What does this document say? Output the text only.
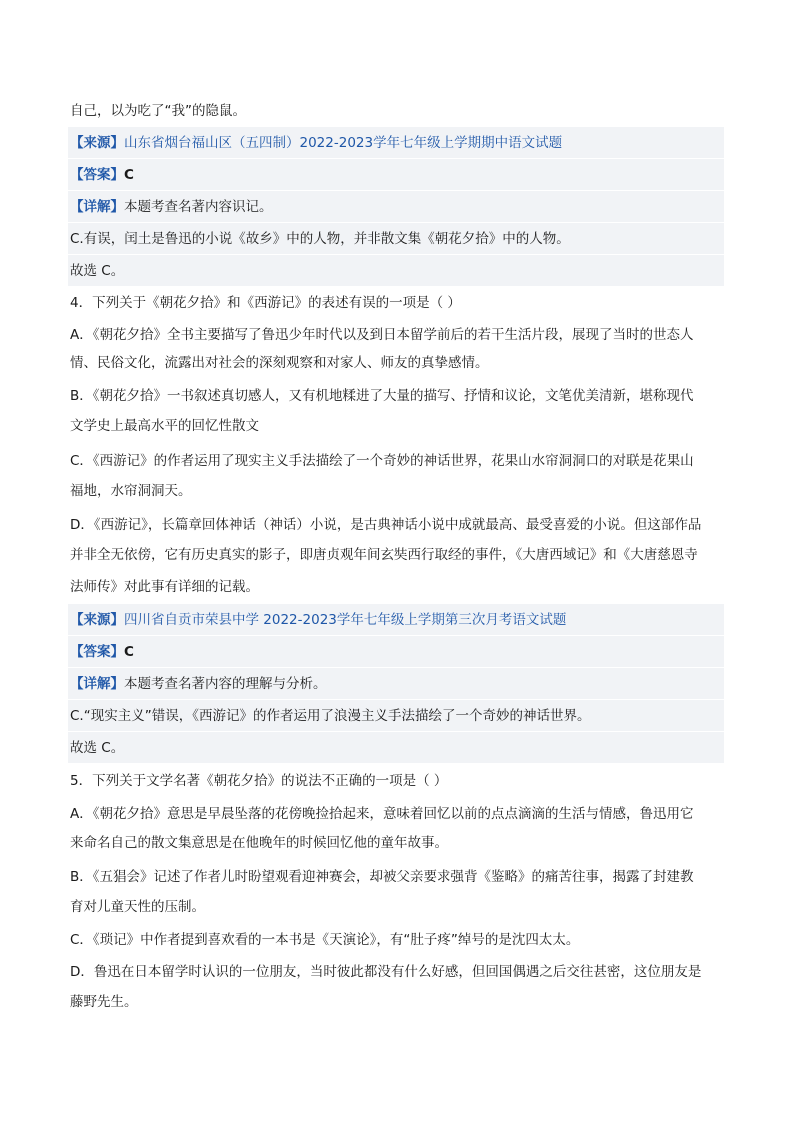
自己，以为吃了“我”的隐鼠。
【来源】山东省烟台福山区（五四制）2022-2023学年七年级上学期期中语文试题
【答案】C
【详解】本题考查名著内容识记。
C.有误，闰土是鲁迅的小说《故乡》中的人物，并非散文集《朝花夕拾》中的人物。
故选 C。
4．下列关于《朝花夕拾》和《西游记》的表述有误的一项是（ ）
A．《朝花夕拾》全书主要描写了鲁迅少年时代以及到日本留学前后的若干生活片段，展现了当时的世态人
情、民俗文化，流露出对社会的深刻观察和对家人、师友的真挚感情。
B．《朝花夕拾》一书叙述真切感人，又有机地糅进了大量的描写、抒情和议论，文笔优美清新，堪称现代
文学史上最高水平的回忆性散文
C．《西游记》的作者运用了现实主义手法描绘了一个奇妙的神话世界，花果山水帘洞洞口的对联是花果山
福地，水帘洞洞天。
D．《西游记》，长篇章回体神话（神话）小说，是古典神话小说中成就最高、最受喜爱的小说。但这部作品
并非全无依傍，它有历史真实的影子，即唐贞观年间玄奘西行取经的事件，《大唐西域记》和《大唐慈恩寺
法师传》对此事有详细的记载。
【来源】四川省自贡市荣县中学 2022-2023学年七年级上学期第三次月考语文试题
【答案】C
【详解】本题考查名著内容的理解与分析。
C.“现实主义”错误，《西游记》的作者运用了浪漫主义手法描绘了一个奇妙的神话世界。
故选 C。
5．下列关于文学名著《朝花夕拾》的说法不正确的一项是（ ）
A．《朝花夕拾》意思是早晨坠落的花傍晚捡拾起来，意味着回忆以前的点点滴滴的生活与情感，鲁迅用它
来命名自己的散文集意思是在他晚年的时候回忆他的童年故事。
B．《五猖会》记述了作者儿时盼望观看迎神赛会，却被父亲要求强背《鉴略》的痛苦往事，揭露了封建教
育对儿童天性的压制。
C．《琐记》中作者提到喜欢看的一本书是《天演论》，有“肚子疼”绰号的是沈四太太。
D．鲁迅在日本留学时认识的一位朋友，当时彼此都没有什么好感，但回国偶遇之后交往甚密，这位朋友是
藤野先生。
